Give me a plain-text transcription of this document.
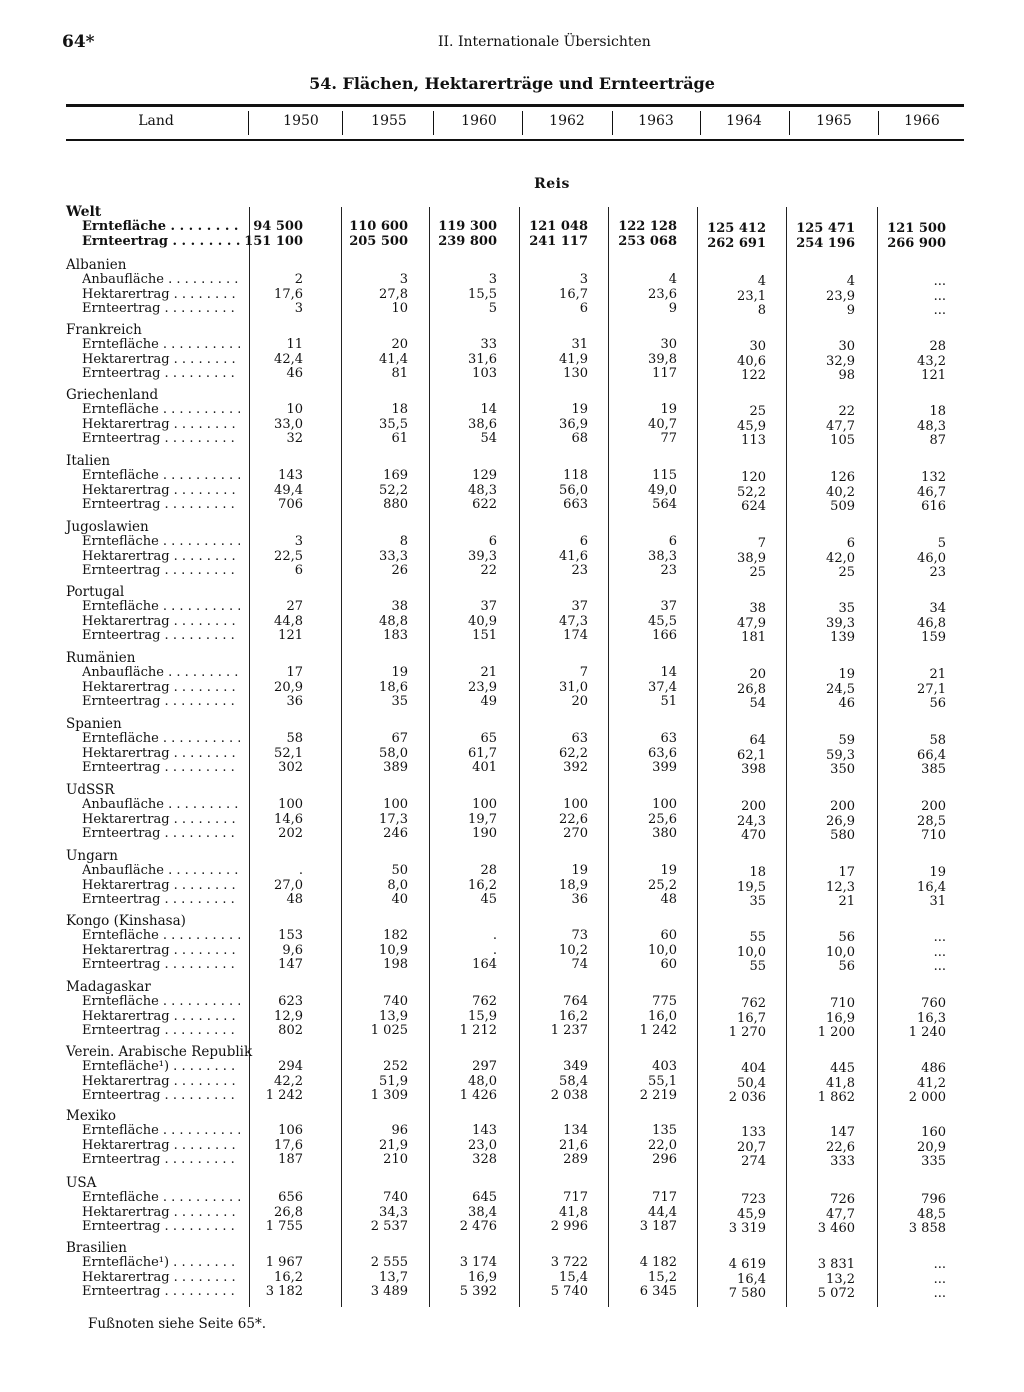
64*	II. Internationale Übersichten
54. Flächen, Hektarerträge und Ernteerträge
Land	1950	1955	1960	1962	1963	1964	1965	1966
Reis
Welt
Erntefläche . . .	94 500	110 600	119 300	121 048	122 128	125 412	125 471	121 500
Ernteertrag . . .	151 100	205 500	239 800	241 117	253 068	262 691	254 196	266 900
Albanien
Anbaufläche . . .	2	3	3	3	4	4	4	...
Hektarertrag . . .	17,6	27,8	15,5	16,7	23,6	23,1	23,9	...
Ernteertrag . . .	3	10	5	6	9	8	9	...
Frankreich
Erntefläche . . .	11	20	33	31	30	30	30	28
Hektarertrag . . .	42,4	41,4	31,6	41,9	39,8	40,6	32,9	43,2
Ernteertrag . . .	46	81	103	130	117	122	98	121
Griechenland
Erntefläche . . .	10	18	14	19	19	25	22	18
Hektarertrag . . .	33,0	35,5	38,6	36,9	40,7	45,9	47,7	48,3
Ernteertrag . . .	32	61	54	68	77	113	105	87
Italien
Erntefläche . . .	143	169	129	118	115	120	126	132
Hektarertrag . . .	49,4	52,2	48,3	56,0	49,0	52,2	40,2	46,7
Ernteertrag . . .	706	880	622	663	564	624	509	616
Jugoslawien
Erntefläche . . .	3	8	6	6	6	7	6	5
Hektarertrag . . .	22,5	33,3	39,3	41,6	38,3	38,9	42,0	46,0
Ernteertrag . . .	6	26	22	23	23	25	25	23
Portugal
Erntefläche . . .	27	38	37	37	37	38	35	34
Hektarertrag . . .	44,8	48,8	40,9	47,3	45,5	47,9	39,3	46,8
Ernteertrag . . .	121	183	151	174	166	181	139	159
Rumänien
Anbaufläche . . .	17	19	21	7	14	20	19	21
Hektarertrag . . .	20,9	18,6	23,9	31,0	37,4	26,8	24,5	27,1
Ernteertrag . . .	36	35	49	20	51	54	46	56
Spanien
Erntefläche . . .	58	67	65	63	63	64	59	58
Hektarertrag . . .	52,1	58,0	61,7	62,2	63,6	62,1	59,3	66,4
Ernteertrag . . .	302	389	401	392	399	398	350	385
UdSSR
Anbaufläche . . .	100	100	100	100	100	200	200	200
Hektarertrag . . .	14,6	17,3	19,7	22,6	25,6	24,3	26,9	28,5
Ernteertrag . . .	202	246	190	270	380	470	580	710
Ungarn
Anbaufläche . . .	.	50	28	19	19	18	17	19
Hektarertrag . . .	27,0	8,0	16,2	18,9	25,2	19,5	12,3	16,4
Ernteertrag . . .	48	40	45	36	48	35	21	31
Kongo (Kinshasa)
Erntefläche . . .	153	182	.	73	60	55	56	...
Hektarertrag . . .	9,6	10,9	.	10,2	10,0	10,0	10,0	...
Ernteertrag . . .	147	198	164	74	60	55	56	...
Madagaskar
Erntefläche . . .	623	740	762	764	775	762	710	760
Hektarertrag . . .	12,9	13,9	15,9	16,2	16,0	16,7	16,9	16,3
Ernteertrag . . .	802	1 025	1 212	1 237	1 242	1 270	1 200	1 240
Verein. Arabische Republik
Erntefläche¹) . . .	294	252	297	349	403	404	445	486
Hektarertrag . . .	42,2	51,9	48,0	58,4	55,1	50,4	41,8	41,2
Ernteertrag . . .	1 242	1 309	1 426	2 038	2 219	2 036	1 862	2 000
Mexiko
Erntefläche . . .	106	96	143	134	135	133	147	160
Hektarertrag . . .	17,6	21,9	23,0	21,6	22,0	20,7	22,6	20,9
Ernteertrag . . .	187	210	328	289	296	274	333	335
USA
Erntefläche . . .	656	740	645	717	717	723	726	796
Hektarertrag . . .	26,8	34,3	38,4	41,8	44,4	45,9	47,7	48,5
Ernteertrag . . .	1 755	2 537	2 476	2 996	3 187	3 319	3 460	3 858
Brasilien
Erntefläche¹) . . .	1 967	2 555	3 174	3 722	4 182	4 619	3 831	...
Hektarertrag . . .	16,2	13,7	16,9	15,4	15,2	16,4	13,2	...
Ernteertrag . . .	3 182	3 489	5 392	5 740	6 345	7 580	5 072	...
Fußnoten siehe Seite 65*.
